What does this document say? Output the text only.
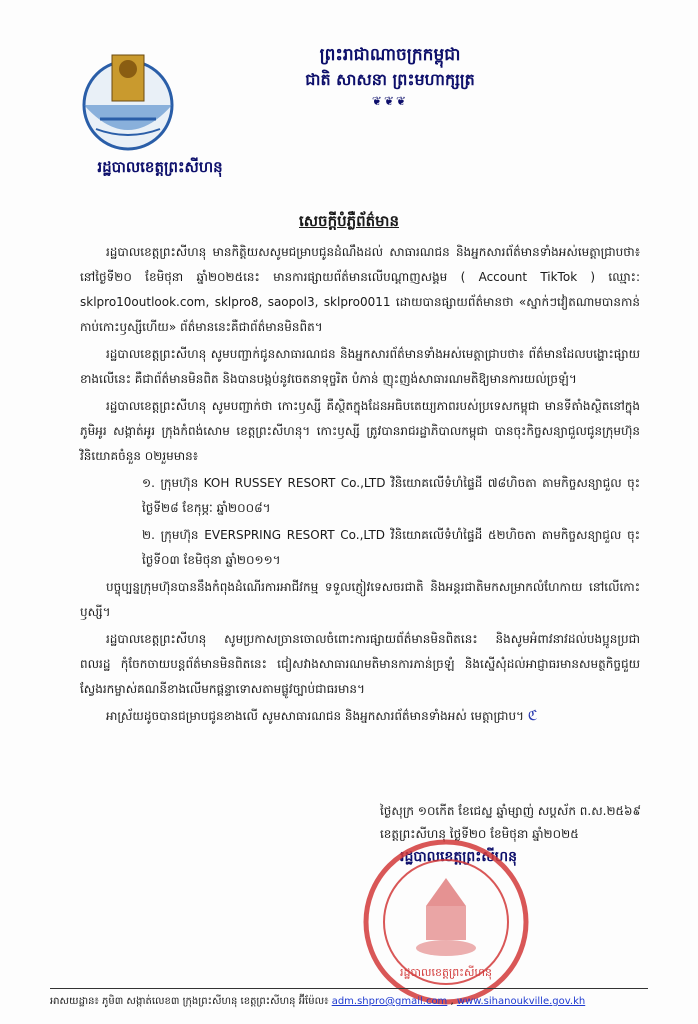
ព្រះរាជាណាចក្រកម្ពុជា
ជាតិ សាសនា ព្រះមហាក្សត្រ
❦❦❦
រដ្ឋបាលខេត្តព្រះសីហនុ
សេចក្តីបំភ្លឺព័ត៌មាន

រដ្ឋបាលខេត្តព្រះសីហនុ មានកិត្តិយសសូមជម្រាបជូនដំណឹងដល់ សាធារណជន និងអ្នកសារព័ត៌មានទាំងអស់មេត្តាជ្រាបថា៖ នៅថ្ងៃទី២០ ខែមិថុនា ឆ្នាំ២០២៥នេះ មានការផ្សាយព័ត៌មានលើបណ្តាញសង្គម ( Account TikTok ) ឈ្មោះ: sklpro10outlook.com, sklpro8, saopol3, sklpro0011 ដោយបានផ្សាយព័ត៌មានថា «ស្នាក់ៗវៀតណាមបានកាន់កាប់កោះឫស្សីហើយ» ព័ត៌មាននេះគឺជាព័ត៌មានមិនពិត។

រដ្ឋបាលខេត្តព្រះសីហនុ សូមបញ្ជាក់ជូនសាធារណជន និងអ្នកសារព័ត៌មានទាំងអស់មេត្តាជ្រាបថា៖ ព័ត៌មានដែលបង្ហោះផ្សាយខាងលើនេះ គឺជាព័ត៌មានមិនពិត និងបានបង្កប់នូវចេតនាទុច្ចរិត បំភាន់ ញុះញង់សាធារណមតិឱ្យមានការយល់ច្រឡំ។

រដ្ឋបាលខេត្តព្រះសីហនុ សូមបញ្ជាក់ថា កោះឫស្សី គឺស្ថិតក្នុងដែនអធិបតេយ្យភាពរបស់ប្រទេសកម្ពុជា មានទីតាំងស្ថិតនៅក្នុងភូមិអូរ សង្កាត់អូរ ក្រុងកំពង់សោម ខេត្តព្រះសីហនុ។ កោះឫស្សី ត្រូវបានរាជរដ្ឋាភិបាលកម្ពុជា បានចុះកិច្ចសន្យាជួលជូនក្រុមហ៊ុនវិនិយោគចំនួន ០២រួមមាន៖

១. ក្រុមហ៊ុន KOH RUSSEY RESORT Co.,LTD វិនិយោគលើទំហំផ្ទៃដី ៧៨ហិចតា តាមកិច្ចសន្យាជួល ចុះថ្ងៃទី២៨ ខែកុម្ភៈ ឆ្នាំ២០០៨។

២. ក្រុមហ៊ុន EVERSPRING RESORT Co.,LTD វិនិយោគលើទំហំផ្ទៃដី ៥២ហិចតា តាមកិច្ចសន្យាជួល ចុះថ្ងៃទី០៣ ខែមិថុនា ឆ្នាំ២០១១។

បច្ចុប្បន្នក្រុមហ៊ុនបាននឹងកំពុងដំណើរការអាជីវកម្ម ទទួលភ្ញៀវទេសចរជាតិ និងអន្តរជាតិមកសម្រាកលំហែកាយ នៅលើកោះឫស្សី។

រដ្ឋបាលខេត្តព្រះសីហនុ សូមប្រកាសច្រានចោលចំពោះការផ្សាយព័ត៌មានមិនពិតនេះ និងសូមអំពាវនាវដល់បងប្អូនប្រជាពលរដ្ឋ កុំចែកចាយបន្តព័ត៌មានមិនពិតនេះ ជៀសវាងសាធារណមតិមានការភាន់ច្រឡំ និងស្នើសុំដល់អាជ្ញាធរមានសមត្ថកិច្ចជួយស្វែងរកម្ចាស់គណនីខាងលើមកផ្តន្ទាទោសតាមផ្លូវច្បាប់ជាធរមាន។

អាស្រ័យដូចបានជម្រាបជូនខាងលើ សូមសាធារណជន និងអ្នកសារព័ត៌មានទាំងអស់ មេត្តាជ្រាប។ ℭ

ថ្ងៃសុក្រ ១០កើត ខែជេស្ឋ ឆ្នាំម្សាញ់ សប្តស័ក ព.ស.២៥៦៩
ខេត្តព្រះសីហនុ ថ្ងៃទី២០ ខែមិថុនា ឆ្នាំ២០២៥
រដ្ឋបាលខេត្តព្រះសីហនុ
រដ្ឋបាលខេត្តព្រះសីហនុ
អាសយដ្ឋាន៖ ភូមិ៣ សង្កាត់លេខ៣ ក្រុងព្រះសីហនុ ខេត្តព្រះសីហនុ អ៊ីម៉ែល៖ adm.shpro@gmail.com , www.sihanoukville.gov.kh
